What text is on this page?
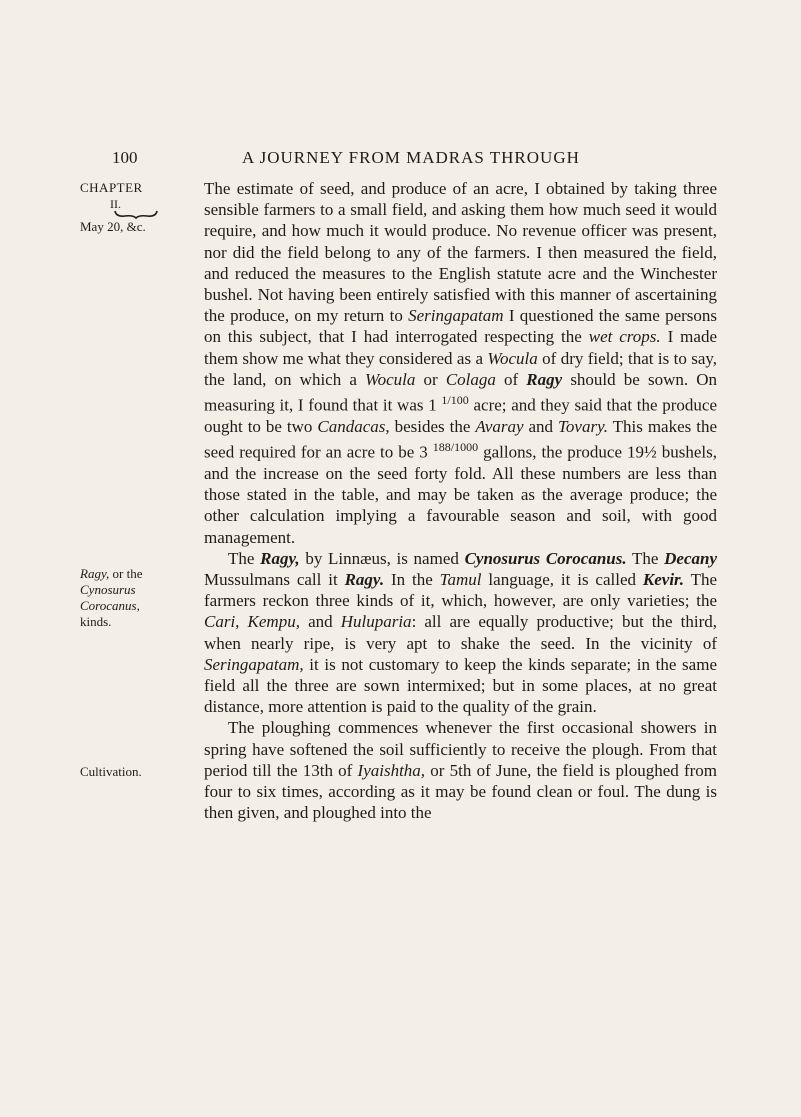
100	A JOURNEY FROM MADRAS THROUGH
CHAPTER
II.
May 20, &c.
Ragy, or the
Cynosurus
Corocanus,
kinds.
Cultivation.

The estimate of seed, and produce of an acre, I obtained by taking three sensible farmers to a small field, and asking them how much seed it would require, and how much it would produce. No revenue officer was present, nor did the field belong to any of the farmers. I then measured the field, and reduced the measures to the English statute acre and the Winchester bushel. Not having been entirely satisfied with this manner of ascertaining the produce, on my return to Seringapatam I questioned the same persons on this subject, that I had interrogated respecting the wet crops. I made them show me what they considered as a Wocula of dry field; that is to say, the land, on which a Wocula or Colaga of Ragy should be sown. On measuring it, I found that it was 1 $^{1/100}$ acre; and they said that the produce ought to be two Candacas, besides the Avaray and Tovary. This makes the seed required for an acre to be 3 $^{188/1000}$ gallons, the produce 19½ bushels, and the increase on the seed forty fold. All these numbers are less than those stated in the table, and may be taken as the average produce; the other calculation implying a favourable season and soil, with good management.

The Ragy, by Linnæus, is named Cynosurus Corocanus. The Decany Mussulmans call it Ragy. In the Tamul language, it is called Kevir. The farmers reckon three kinds of it, which, however, are only varieties; the Cari, Kempu, and Huluparia: all are equally productive; but the third, when nearly ripe, is very apt to shake the seed. In the vicinity of Seringapatam, it is not customary to keep the kinds separate; in the same field all the three are sown intermixed; but in some places, at no great distance, more attention is paid to the quality of the grain.

The ploughing commences whenever the first occasional showers in spring have softened the soil sufficiently to receive the plough. From that period till the 13th of Iyaishtha, or 5th of June, the field is ploughed from four to six times, according as it may be found clean or foul. The dung is then given, and ploughed into the
